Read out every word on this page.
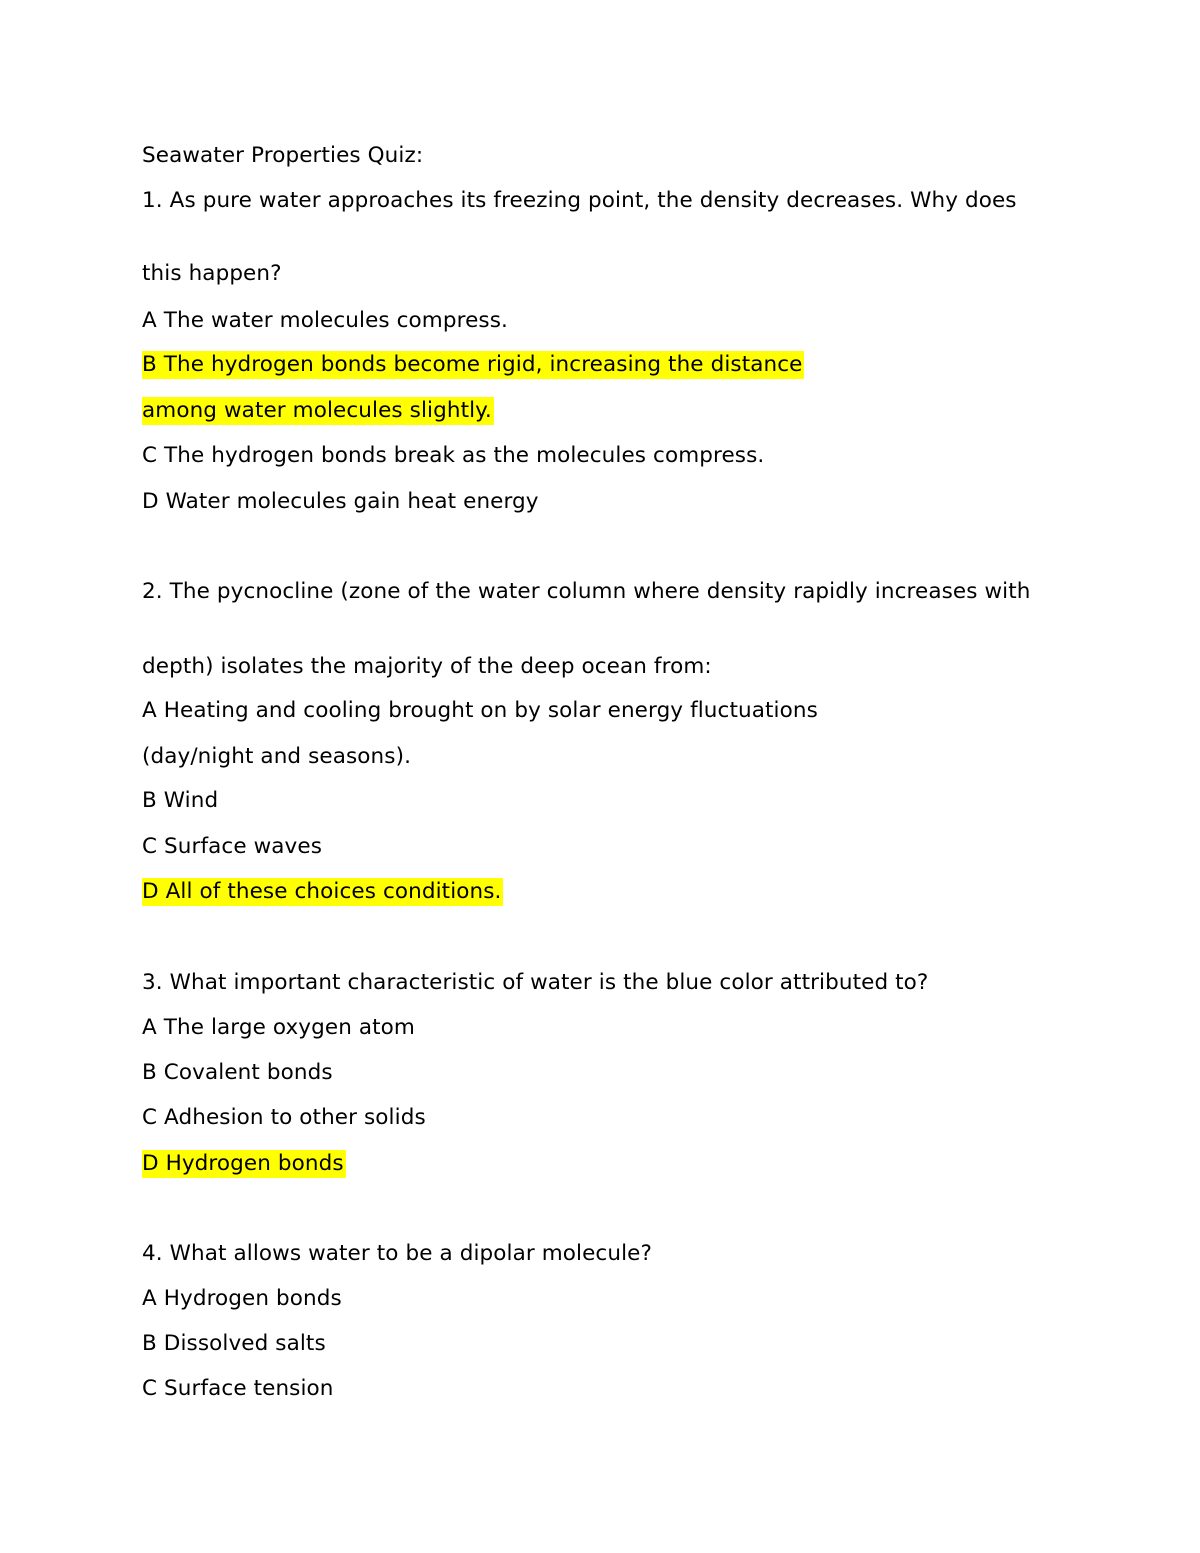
Seawater Properties Quiz:
1. As pure water approaches its freezing point, the density decreases. Why does
this happen?
A The water molecules compress.
B The hydrogen bonds become rigid, increasing the distance
among water molecules slightly.
C The hydrogen bonds break as the molecules compress.
D Water molecules gain heat energy
2. The pycnocline (zone of the water column where density rapidly increases with
depth) isolates the majority of the deep ocean from:
A Heating and cooling brought on by solar energy fluctuations
(day/night and seasons).
B Wind
C Surface waves
D All of these choices conditions.
3. What important characteristic of water is the blue color attributed to?
A The large oxygen atom
B Covalent bonds
C Adhesion to other solids
D Hydrogen bonds
4. What allows water to be a dipolar molecule?
A Hydrogen bonds
B Dissolved salts
C Surface tension
